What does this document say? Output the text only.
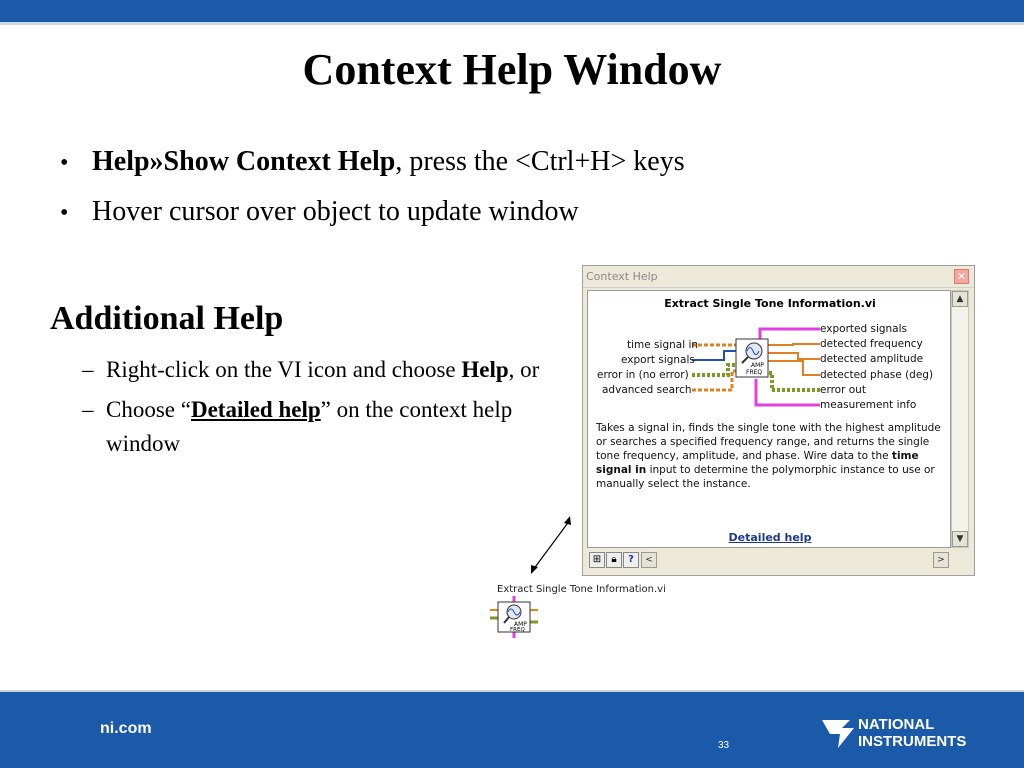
Context Help Window
• Help»Show Context Help, press the <Ctrl+H> keys
• Hover cursor over object to update window
Additional Help
– Right-click on the VI icon and choose Help, or
– Choose “Detailed help” on the context help window
Context Help	✕
Extract Single Tone Information.vi
AMP
FREQ
time signal in
export signals
error in (no error)
advanced search
exported signals
detected frequency
detected amplitude
detected phase (deg)
error out
measurement info
Takes a signal in, finds the single tone with the highest amplitude or searches a specified frequency range, and returns the single tone frequency, amplitude, and phase. Wire data to the time signal in input to determine the polymorphic instance to use or manually select the instance.
Detailed help
▲
▼
⊞	🔒︎	?	<	>
Extract Single Tone Information.vi
AMP
FREQ
ni.com
33
NATIONAL
INSTRUMENTS
